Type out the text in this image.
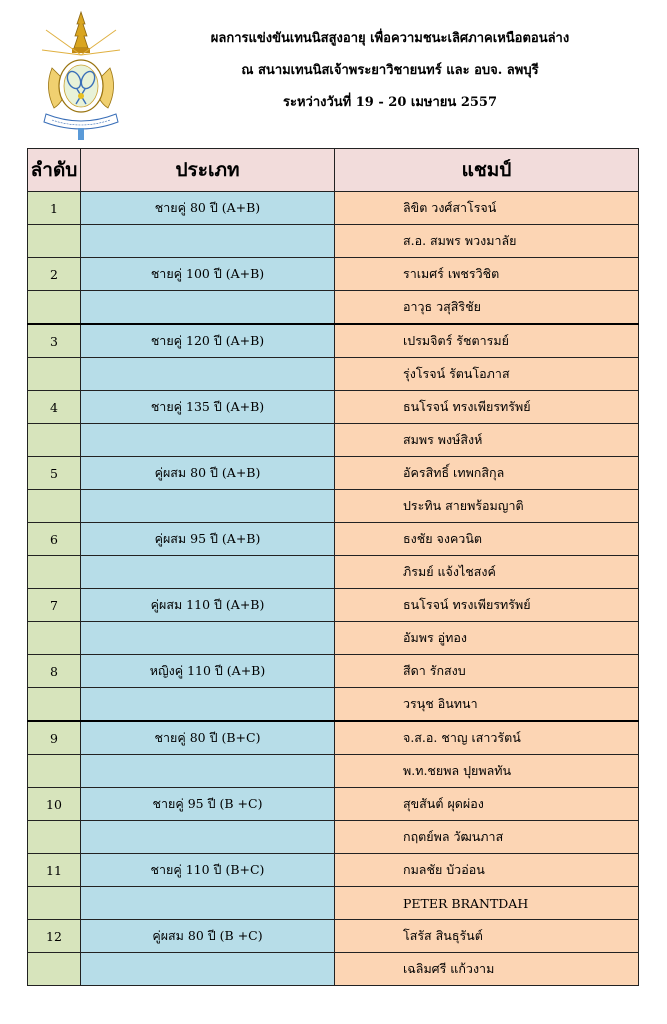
ผลการแข่งขันเทนนิสสูงอายุ เพื่อความชนะเลิศภาคเหนือตอนล่าง
ณ สนามเทนนิสเจ้าพระยาวิชายนทร์ และ อบจ. ลพบุรี
ระหว่างวันที่ 19 - 20 เมษายน 2557
ลำดับ	ประเภท	แชมป์
1	ชายคู่ 80 ปี (A+B)	ลิขิต วงศ์สาโรจน์
		ส.อ. สมพร พวงมาลัย
2	ชายคู่ 100 ปี (A+B)	ราเมศร์ เพชรวิชิต
		อาวุธ วสุสิริชัย
3	ชายคู่ 120 ปี (A+B)	เปรมจิตร์ รัชตารมย์
		รุ่งโรจน์ รัตนโอภาส
4	ชายคู่ 135 ปี (A+B)	ธนโรจน์ ทรงเพียรทรัพย์
		สมพร พงษ์สิงห์
5	คู่ผสม 80 ปี (A+B)	อัครสิทธิ์ เทพกสิกุล
		ประทิน สายพร้อมญาติ
6	คู่ผสม 95 ปี (A+B)	ธงชัย จงควนิต
		ภิรมย์ แจ้งไชสงค์
7	คู่ผสม 110 ปี (A+B)	ธนโรจน์ ทรงเพียรทรัพย์
		อัมพร อู่ทอง
8	หญิงคู่ 110 ปี (A+B)	สีดา รักสงบ
		วรนุช อินทนา
9	ชายคู่ 80 ปี (B+C)	จ.ส.อ. ชาญ เสาวรัตน์
		พ.ท.ชยพล ปุยพลทัน
10	ชายคู่ 95 ปี (B +C)	สุขสันต์ ผุดผ่อง
		กฤตย์พล วัฒนภาส
11	ชายคู่ 110 ปี (B+C)	กมลชัย บัวอ่อน
		PETER BRANTDAH
12	คู่ผสม 80 ปี (B +C)	โสรัส สินธุรันต์
		เฉลิมศรี แก้วงาม
